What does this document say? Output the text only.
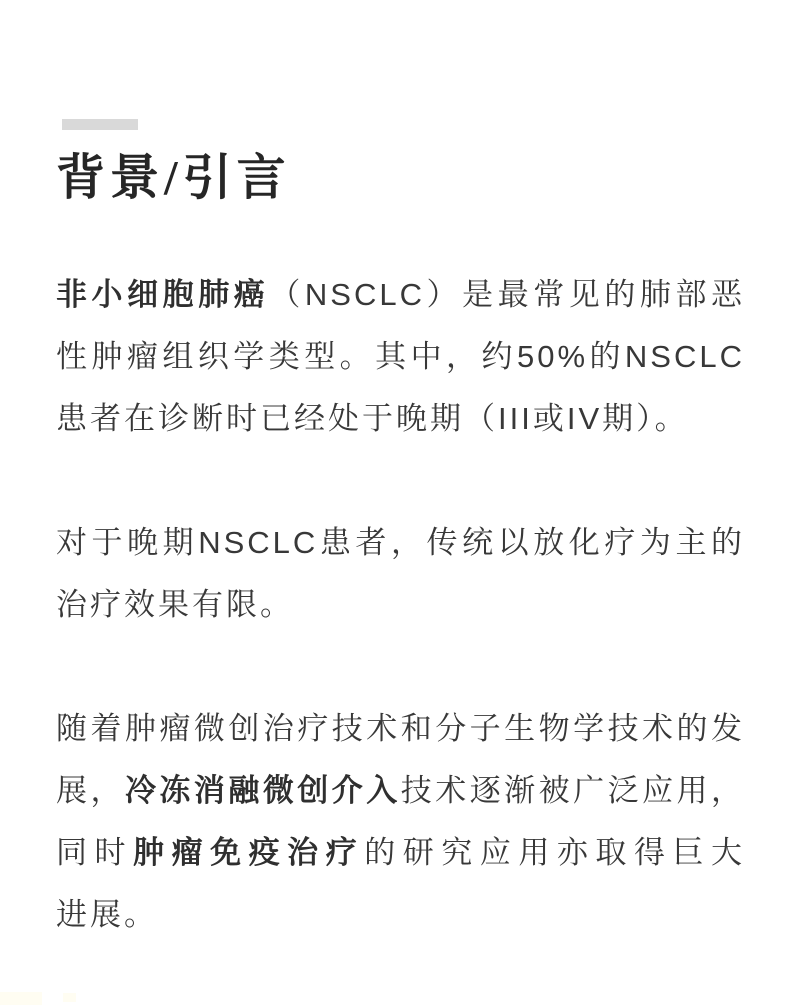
背景/引言
非小细胞肺癌（NSCLC）是最常见的肺部恶
性肿瘤组织学类型。其中，约50%的NSCLC
患者在诊断时已经处于晚期（III或IV期）。
对于晚期NSCLC患者，传统以放化疗为主的
治疗效果有限。
随着肿瘤微创治疗技术和分子生物学技术的发
展，冷冻消融微创介入技术逐渐被广泛应用，
同时肿瘤免疫治疗的研究应用亦取得巨大
进展。
